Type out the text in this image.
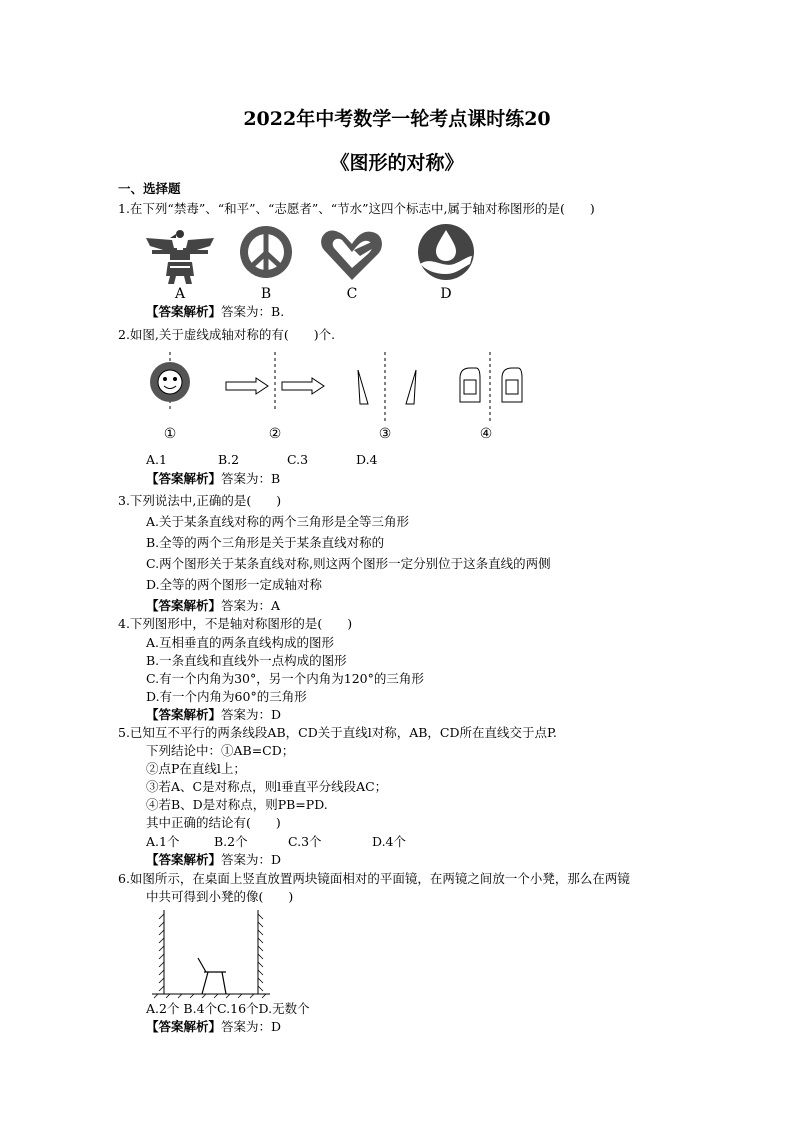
2022年中考数学一轮考点课时练20
《图形的对称》
一、选择题
1.在下列“禁毒”、“和平”、“志愿者”、“节水”这四个标志中,属于轴对称图形的是(　　)
A	B	C	D
【答案解析】答案为：B.
2.如图,关于虚线成轴对称的有(　　)个.
①	②	③	④
A.1	B.2	C.3	D.4
【答案解析】答案为：B
3.下列说法中,正确的是(　　)
A.关于某条直线对称的两个三角形是全等三角形
B.全等的两个三角形是关于某条直线对称的
C.两个图形关于某条直线对称,则这两个图形一定分别位于这条直线的两侧
D.全等的两个图形一定成轴对称
【答案解析】答案为：A
4.下列图形中，不是轴对称图形的是(　　)
A.互相垂直的两条直线构成的图形
B.一条直线和直线外一点构成的图形
C.有一个内角为30°，另一个内角为120°的三角形
D.有一个内角为60°的三角形
【答案解析】答案为：D
5.已知互不平行的两条线段AB，CD关于直线l对称，AB，CD所在直线交于点P.
下列结论中：①AB=CD；
②点P在直线l上；
③若A、C是对称点，则l垂直平分线段AC；
④若B、D是对称点，则PB=PD.
其中正确的结论有(　　)
A.1个	B.2个	C.3个	D.4个
【答案解析】答案为：D
6.如图所示，在桌面上竖直放置两块镜面相对的平面镜，在两镜之间放一个小凳，那么在两镜
中共可得到小凳的像(　　)
A.2个 B.4个C.16个D.无数个
【答案解析】答案为：D
